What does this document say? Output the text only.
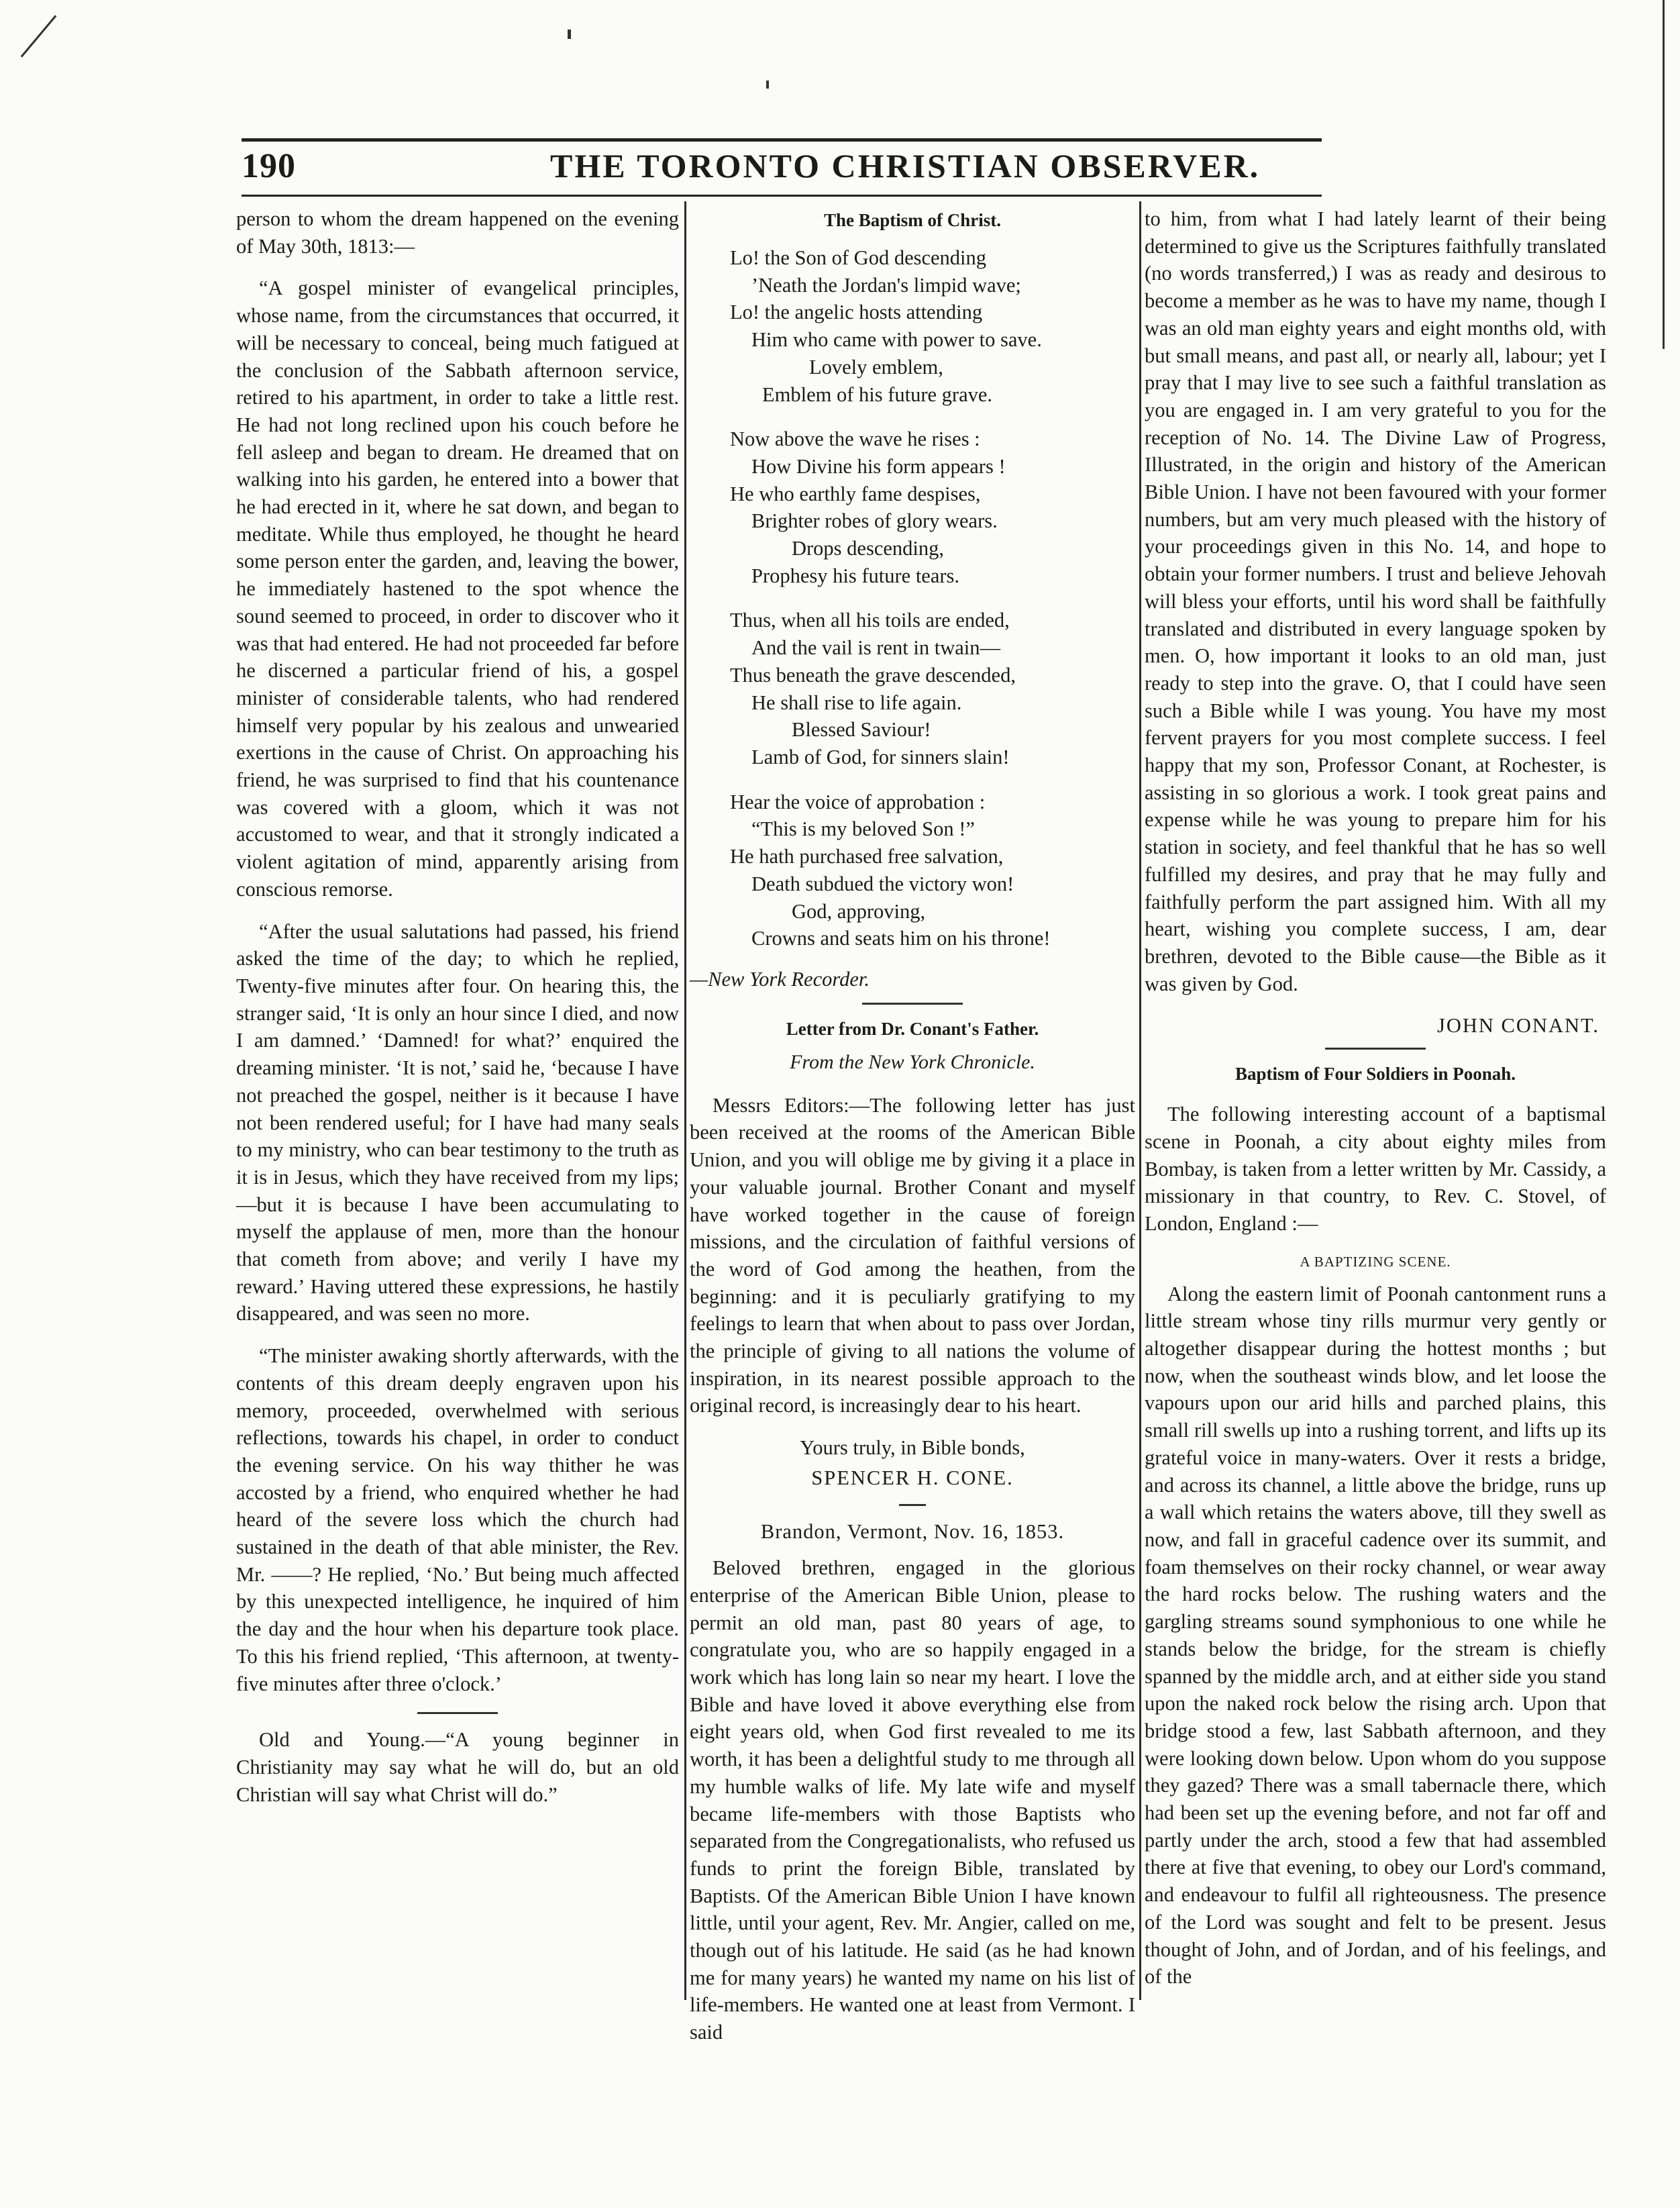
190	THE TORONTO CHRISTIAN OBSERVER.

person to whom the dream happened on the evening of May 30th, 1813:—

“A gospel minister of evangelical principles, whose name, from the circumstances that occurred, it will be necessary to conceal, being much fatigued at the conclusion of the Sabbath afternoon service, retired to his apartment, in order to take a little rest. He had not long reclined upon his couch before he fell asleep and began to dream. He dreamed that on walking into his garden, he entered into a bower that he had erected in it, where he sat down, and began to meditate. While thus employed, he thought he heard some person enter the garden, and, leaving the bower, he immediately hastened to the spot whence the sound seemed to proceed, in order to discover who it was that had entered. He had not proceeded far before he discerned a particular friend of his, a gospel minister of considerable talents, who had rendered himself very popular by his zealous and unwearied exertions in the cause of Christ. On approaching his friend, he was surprised to find that his countenance was covered with a gloom, which it was not accustomed to wear, and that it strongly indicated a violent agitation of mind, apparently arising from conscious remorse.

“After the usual salutations had passed, his friend asked the time of the day; to which he replied, Twenty-five minutes after four. On hearing this, the stranger said, ‘It is only an hour since I died, and now I am damned.’ ‘Damned! for what?’ enquired the dreaming minister. ‘It is not,’ said he, ‘because I have not preached the gospel, neither is it because I have not been rendered useful; for I have had many seals to my ministry, who can bear testimony to the truth as it is in Jesus, which they have received from my lips;—but it is because I have been accumulating to myself the applause of men, more than the honour that cometh from above; and verily I have my reward.’ Having uttered these expressions, he hastily disappeared, and was seen no more.

“The minister awaking shortly afterwards, with the contents of this dream deeply engraven upon his memory, proceeded, overwhelmed with serious reflections, towards his chapel, in order to conduct the evening service. On his way thither he was accosted by a friend, who enquired whether he had heard of the severe loss which the church had sustained in the death of that able minister, the Rev. Mr. ——? He replied, ‘No.’ But being much affected by this unexpected intelligence, he inquired of him the day and the hour when his departure took place. To this his friend replied, ‘This afternoon, at twenty-five minutes after three o'clock.’

Old and Young.—“A young beginner in Christianity may say what he will do, but an old Christian will say what Christ will do.”

The Baptism of Christ.
Lo! the Son of God descending
’Neath the Jordan's limpid wave;
Lo! the angelic hosts attending
Him who came with power to save.
Lovely emblem,
Emblem of his future grave.
Now above the wave he rises :
How Divine his form appears !
He who earthly fame despises,
Brighter robes of glory wears.
Drops descending,
Prophesy his future tears.
Thus, when all his toils are ended,
And the vail is rent in twain—
Thus beneath the grave descended,
He shall rise to life again.
Blessed Saviour!
Lamb of God, for sinners slain!
Hear the voice of approbation :
“This is my beloved Son !”
He hath purchased free salvation,
Death subdued the victory won!
God, approving,
Crowns and seats him on his throne!
—New York Recorder.
Letter from Dr. Conant's Father.
From the New York Chronicle.

Messrs Editors:—The following letter has just been received at the rooms of the American Bible Union, and you will oblige me by giving it a place in your valuable journal. Brother Conant and myself have worked together in the cause of foreign missions, and the circulation of faithful versions of the word of God among the heathen, from the beginning: and it is peculiarly gratifying to my feelings to learn that when about to pass over Jordan, the principle of giving to all nations the volume of inspiration, in its nearest possible approach to the original record, is increasingly dear to his heart.

Yours truly, in Bible bonds,
SPENCER H. CONE.
Brandon, Vermont, Nov. 16, 1853.

Beloved brethren, engaged in the glorious enterprise of the American Bible Union, please to permit an old man, past 80 years of age, to congratulate you, who are so happily engaged in a work which has long lain so near my heart. I love the Bible and have loved it above everything else from eight years old, when God first revealed to me its worth, it has been a delightful study to me through all my humble walks of life. My late wife and myself became life-members with those Baptists who separated from the Congregationalists, who refused us funds to print the foreign Bible, translated by Baptists. Of the American Bible Union I have known little, until your agent, Rev. Mr. Angier, called on me, though out of his latitude. He said (as he had known me for many years) he wanted my name on his list of life-members. He wanted one at least from Vermont. I said

to him, from what I had lately learnt of their being determined to give us the Scriptures faithfully translated (no words transferred,) I was as ready and desirous to become a member as he was to have my name, though I was an old man eighty years and eight months old, with but small means, and past all, or nearly all, labour; yet I pray that I may live to see such a faithful translation as you are engaged in. I am very grateful to you for the reception of No. 14. The Divine Law of Progress, Illustrated, in the origin and history of the American Bible Union. I have not been favoured with your former numbers, but am very much pleased with the history of your proceedings given in this No. 14, and hope to obtain your former numbers. I trust and believe Jehovah will bless your efforts, until his word shall be faithfully translated and distributed in every language spoken by men. O, how important it looks to an old man, just ready to step into the grave. O, that I could have seen such a Bible while I was young. You have my most fervent prayers for you most complete success. I feel happy that my son, Professor Conant, at Rochester, is assisting in so glorious a work. I took great pains and expense while he was young to prepare him for his station in society, and feel thankful that he has so well fulfilled my desires, and pray that he may fully and faithfully perform the part assigned him. With all my heart, wishing you complete success, I am, dear brethren, devoted to the Bible cause—the Bible as it was given by God.

JOHN CONANT.
Baptism of Four Soldiers in Poonah.

The following interesting account of a baptismal scene in Poonah, a city about eighty miles from Bombay, is taken from a letter written by Mr. Cassidy, a missionary in that country, to Rev. C. Stovel, of London, England :—

A BAPTIZING SCENE.

Along the eastern limit of Poonah cantonment runs a little stream whose tiny rills murmur very gently or altogether disappear during the hottest months ; but now, when the southeast winds blow, and let loose the vapours upon our arid hills and parched plains, this small rill swells up into a rushing torrent, and lifts up its grateful voice in many-waters. Over it rests a bridge, and across its channel, a little above the bridge, runs up a wall which retains the waters above, till they swell as now, and fall in graceful cadence over its summit, and foam themselves on their rocky channel, or wear away the hard rocks below. The rushing waters and the gargling streams sound symphonious to one while he stands below the bridge, for the stream is chiefly spanned by the middle arch, and at either side you stand upon the naked rock below the rising arch. Upon that bridge stood a few, last Sabbath afternoon, and they were looking down below. Upon whom do you suppose they gazed? There was a small tabernacle there, which had been set up the evening before, and not far off and partly under the arch, stood a few that had assembled there at five that evening, to obey our Lord's command, and endeavour to fulfil all righteousness. The presence of the Lord was sought and felt to be present. Jesus thought of John, and of Jordan, and of his feelings, and of the
